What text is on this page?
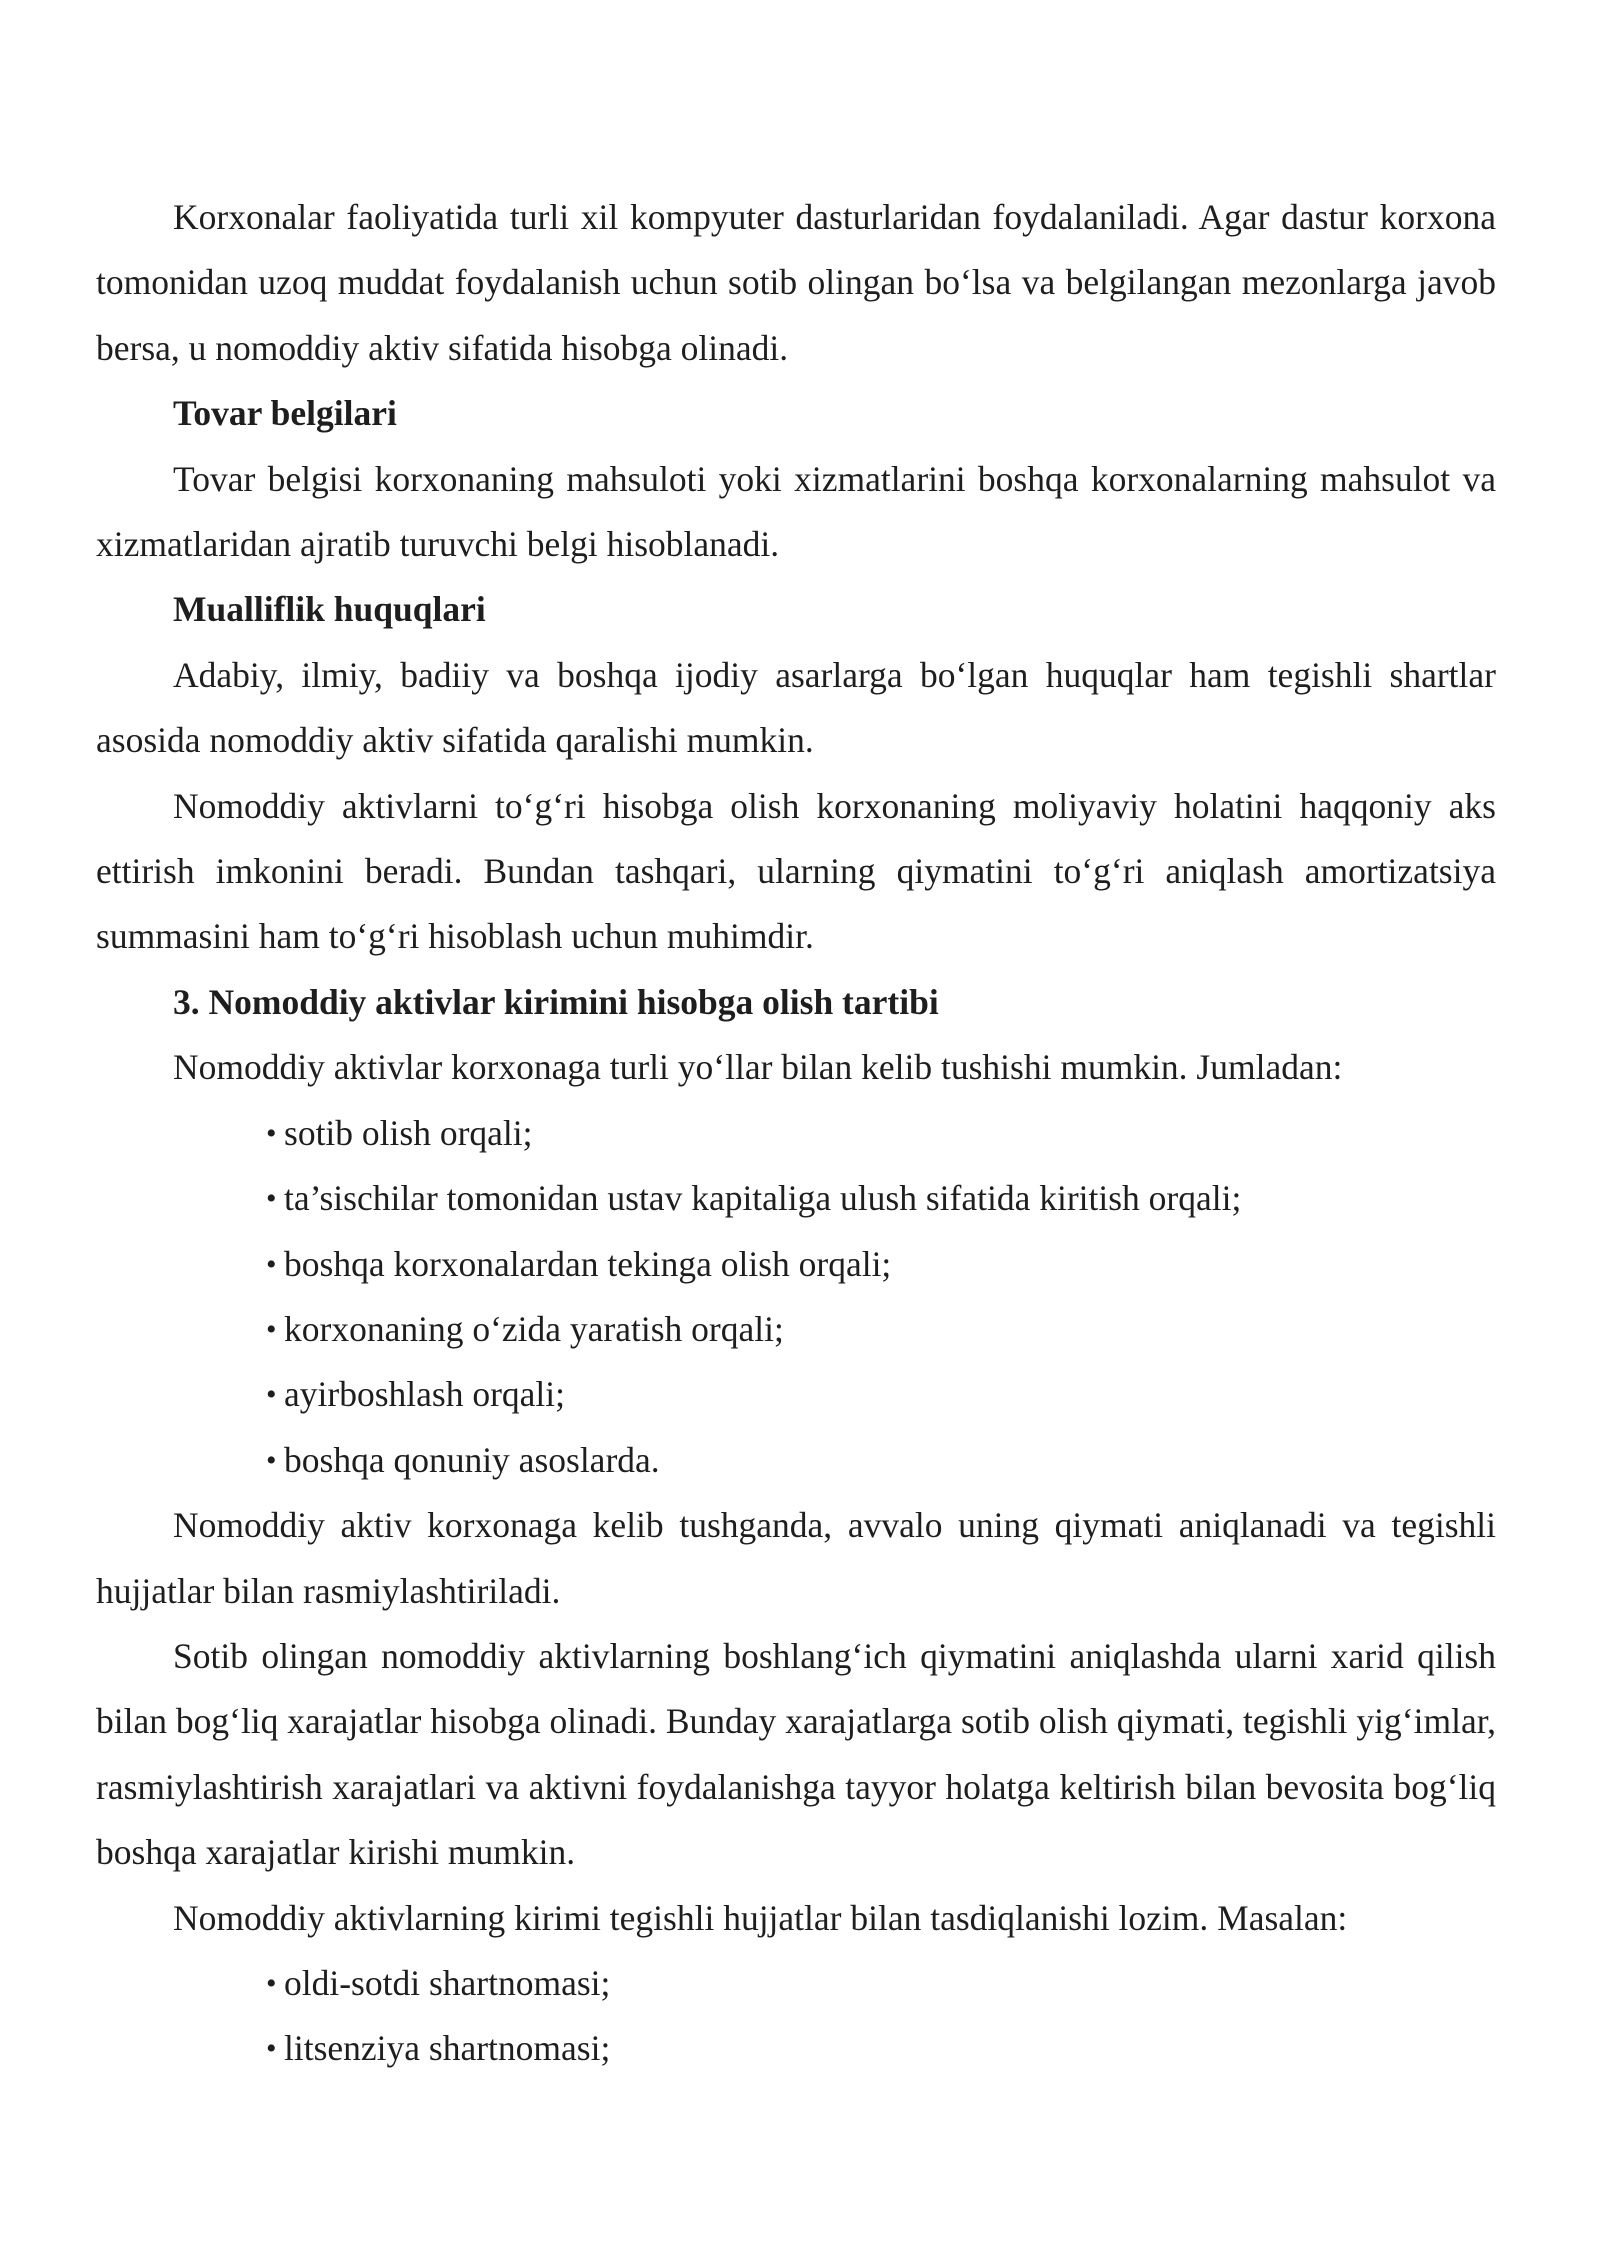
Korxonalar faoliyatida turli xil kompyuter dasturlaridan foydalaniladi. Agar dastur korxona tomonidan uzoq muddat foydalanish uchun sotib olingan bo‘lsa va belgilangan mezonlarga javob bersa, u nomoddiy aktiv sifatida hisobga olinadi.

Tovar belgilari

Tovar belgisi korxonaning mahsuloti yoki xizmatlarini boshqa korxonalarning mahsulot va xizmatlaridan ajratib turuvchi belgi hisoblanadi.

Mualliflik huquqlari

Adabiy, ilmiy, badiiy va boshqa ijodiy asarlarga bo‘lgan huquqlar ham tegishli shartlar asosida nomoddiy aktiv sifatida qaralishi mumkin.

Nomoddiy aktivlarni to‘g‘ri hisobga olish korxonaning moliyaviy holatini haqqoniy aks ettirish imkonini beradi. Bundan tashqari, ularning qiymatini to‘g‘ri aniqlash amortizatsiya summasini ham to‘g‘ri hisoblash uchun muhimdir.

3. Nomoddiy aktivlar kirimini hisobga olish tartibi

Nomoddiy aktivlar korxonaga turli yo‘llar bilan kelib tushishi mumkin. Jumladan:

• sotib olish orqali;
• ta’sischilar tomonidan ustav kapitaliga ulush sifatida kiritish orqali;
• boshqa korxonalardan tekinga olish orqali;
• korxonaning o‘zida yaratish orqali;
• ayirboshlash orqali;
• boshqa qonuniy asoslarda.

Nomoddiy aktiv korxonaga kelib tushganda, avvalo uning qiymati aniqlanadi va tegishli hujjatlar bilan rasmiylashtiriladi.

Sotib olingan nomoddiy aktivlarning boshlang‘ich qiymatini aniqlashda ularni xarid qilish bilan bog‘liq xarajatlar hisobga olinadi. Bunday xarajatlarga sotib olish qiymati, tegishli yig‘imlar, rasmiylashtirish xarajatlari va aktivni foydalanishga tayyor holatga keltirish bilan bevosita bog‘liq boshqa xarajatlar kirishi mumkin.

Nomoddiy aktivlarning kirimi tegishli hujjatlar bilan tasdiqlanishi lozim. Masalan:

• oldi-sotdi shartnomasi;
• litsenziya shartnomasi;
